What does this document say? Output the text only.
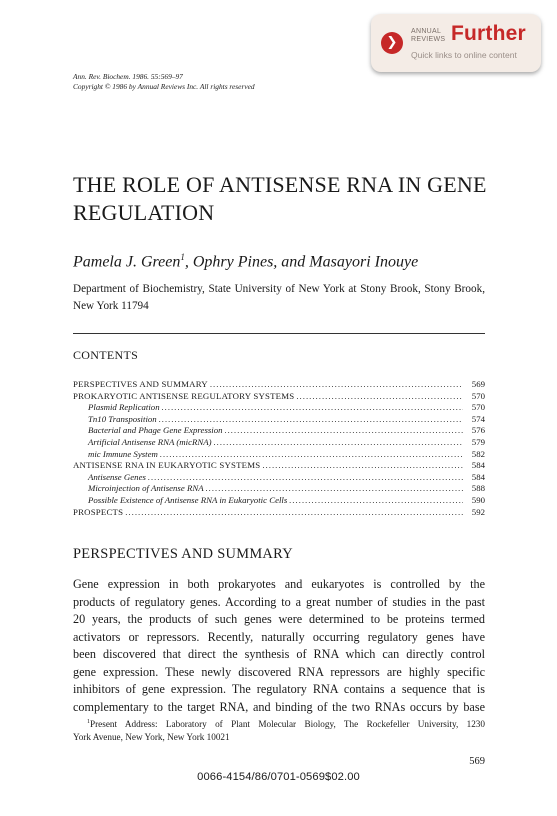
❯
ANNUAL
REVIEWS Further
Quick links to online content
Ann. Rev. Biochem. 1986. 55:569–97
Copyright © 1986 by Annual Reviews Inc. All rights reserved
THE ROLE OF ANTISENSE RNA IN GENE REGULATION
Pamela J. Green$^1$, Ophry Pines, and Masayori Inouye
Department of Biochemistry, State University of New York at Stony Brook, Stony Brook, New York 11794
CONTENTS
PERSPECTIVES AND SUMMARY .....	569
PROKARYOTIC ANTISENSE REGULATORY SYSTEMS .....	570
Plasmid Replication .....	570
Tn10 Transposition .....	574
Bacterial and Phage Gene Expression .....	576
Artificial Antisense RNA (micRNA) .....	579
mic Immune System .....	582
ANTISENSE RNA IN EUKARYOTIC SYSTEMS .....	584
Antisense Genes .....	584
Microinjection of Antisense RNA .....	588
Possible Existence of Antisense RNA in Eukaryotic Cells .....	590
PROSPECTS .....	592
PERSPECTIVES AND SUMMARY
Gene expression in both prokaryotes and eukaryotes is controlled by the
products of regulatory genes. According to a great number of studies in the past
20 years, the products of such genes were determined to be proteins termed
activators or repressors. Recently, naturally occurring regulatory genes have
been discovered that direct the synthesis of RNA which can directly control
gene expression. These newly discovered RNA repressors are highly specific
inhibitors of gene expression. The regulatory RNA contains a sequence that is
complementary to the target RNA, and binding of the two RNAs occurs by base
$^1$Present Address: Laboratory of Plant Molecular Biology, The Rockefeller University, 1230
York Avenue, New York, New York 10021
569
0066-4154/86/0701-0569$02.00
